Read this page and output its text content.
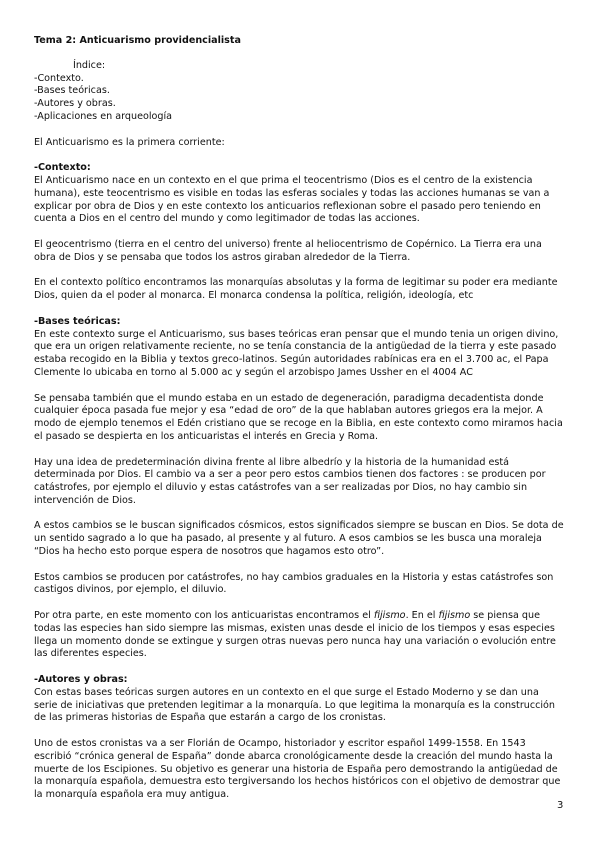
Tema 2: Anticuarismo providencialista

Índice:
-Contexto.
-Bases teóricas.
-Autores y obras.
-Aplicaciones en arqueología

El Anticuarismo es la primera corriente:

-Contexto:

El Anticuarismo nace en un contexto en el que prima el teocentrismo (Dios es el centro de la existencia humana), este teocentrismo es visible en todas las esferas sociales y todas las acciones humanas se van a explicar por obra de Dios y en este contexto los anticuarios reflexionan sobre el pasado pero teniendo en cuenta a Dios en el centro del mundo y como legitimador de todas las acciones.

El geocentrismo (tierra en el centro del universo) frente al heliocentrismo de Copérnico. La Tierra era una obra de Dios y se pensaba que todos los astros giraban alrededor de la Tierra.

En el contexto político encontramos las monarquías absolutas y la forma de legitimar su poder era mediante Dios, quien da el poder al monarca. El monarca condensa la política, religión, ideología, etc

-Bases teóricas:

En este contexto surge el Anticuarismo, sus bases teóricas eran pensar que el mundo tenia un origen divino, que era un origen relativamente reciente, no se tenía constancia de la antigüedad de la tierra y este pasado estaba recogido en la Biblia y textos greco-latinos. Según autoridades rabínicas era en el 3.700 ac, el Papa Clemente lo ubicaba en torno al 5.000 ac y según el arzobispo James Ussher en el 4004 AC

Se pensaba también que el mundo estaba en un estado de degeneración, paradigma decadentista donde cualquier época pasada fue mejor y esa “edad de oro” de la que hablaban autores griegos era la mejor. A modo de ejemplo tenemos el Edén cristiano que se recoge en la Biblia, en este contexto como miramos hacia el pasado se despierta en los anticuaristas el interés en Grecia y Roma.

Hay una idea de predeterminación divina frente al libre albedrío y la historia de la humanidad está determinada por Dios. El cambio va a ser a peor pero estos cambios tienen dos factores : se producen por catástrofes, por ejemplo el diluvio y estas catástrofes van a ser realizadas por Dios, no hay cambio sin intervención de Dios.

A estos cambios se le buscan significados cósmicos, estos significados siempre se buscan en Dios. Se dota de un sentido sagrado a lo que ha pasado, al presente y al futuro. A esos cambios se les busca una moraleja “Dios ha hecho esto porque espera de nosotros que hagamos esto otro”.

Estos cambios se producen por catástrofes, no hay cambios graduales en la Historia y estas catástrofes son castigos divinos, por ejemplo, el diluvio.

Por otra parte, en este momento con los anticuaristas encontramos el fijismo. En el fijismo se piensa que todas las especies han sido siempre las mismas, existen unas desde el inicio de los tiempos y esas especies llega un momento donde se extingue y surgen otras nuevas pero nunca hay una variación o evolución entre las diferentes especies.

-Autores y obras:

Con estas bases teóricas surgen autores en un contexto en el que surge el Estado Moderno y se dan una serie de iniciativas que pretenden legitimar a la monarquía. Lo que legitima la monarquía es la construcción de las primeras historias de España que estarán a cargo de los cronistas.

Uno de estos cronistas va a ser Florián de Ocampo, historiador y escritor español 1499-1558. En 1543 escribió “crónica general de España” donde abarca cronológicamente desde la creación del mundo hasta la muerte de los Escipiones. Su objetivo es generar una historia de España pero demostrando la antigüedad de la monarquía española, demuestra esto tergiversando los hechos históricos con el objetivo de demostrar que la monarquía española era muy antigua.

3
